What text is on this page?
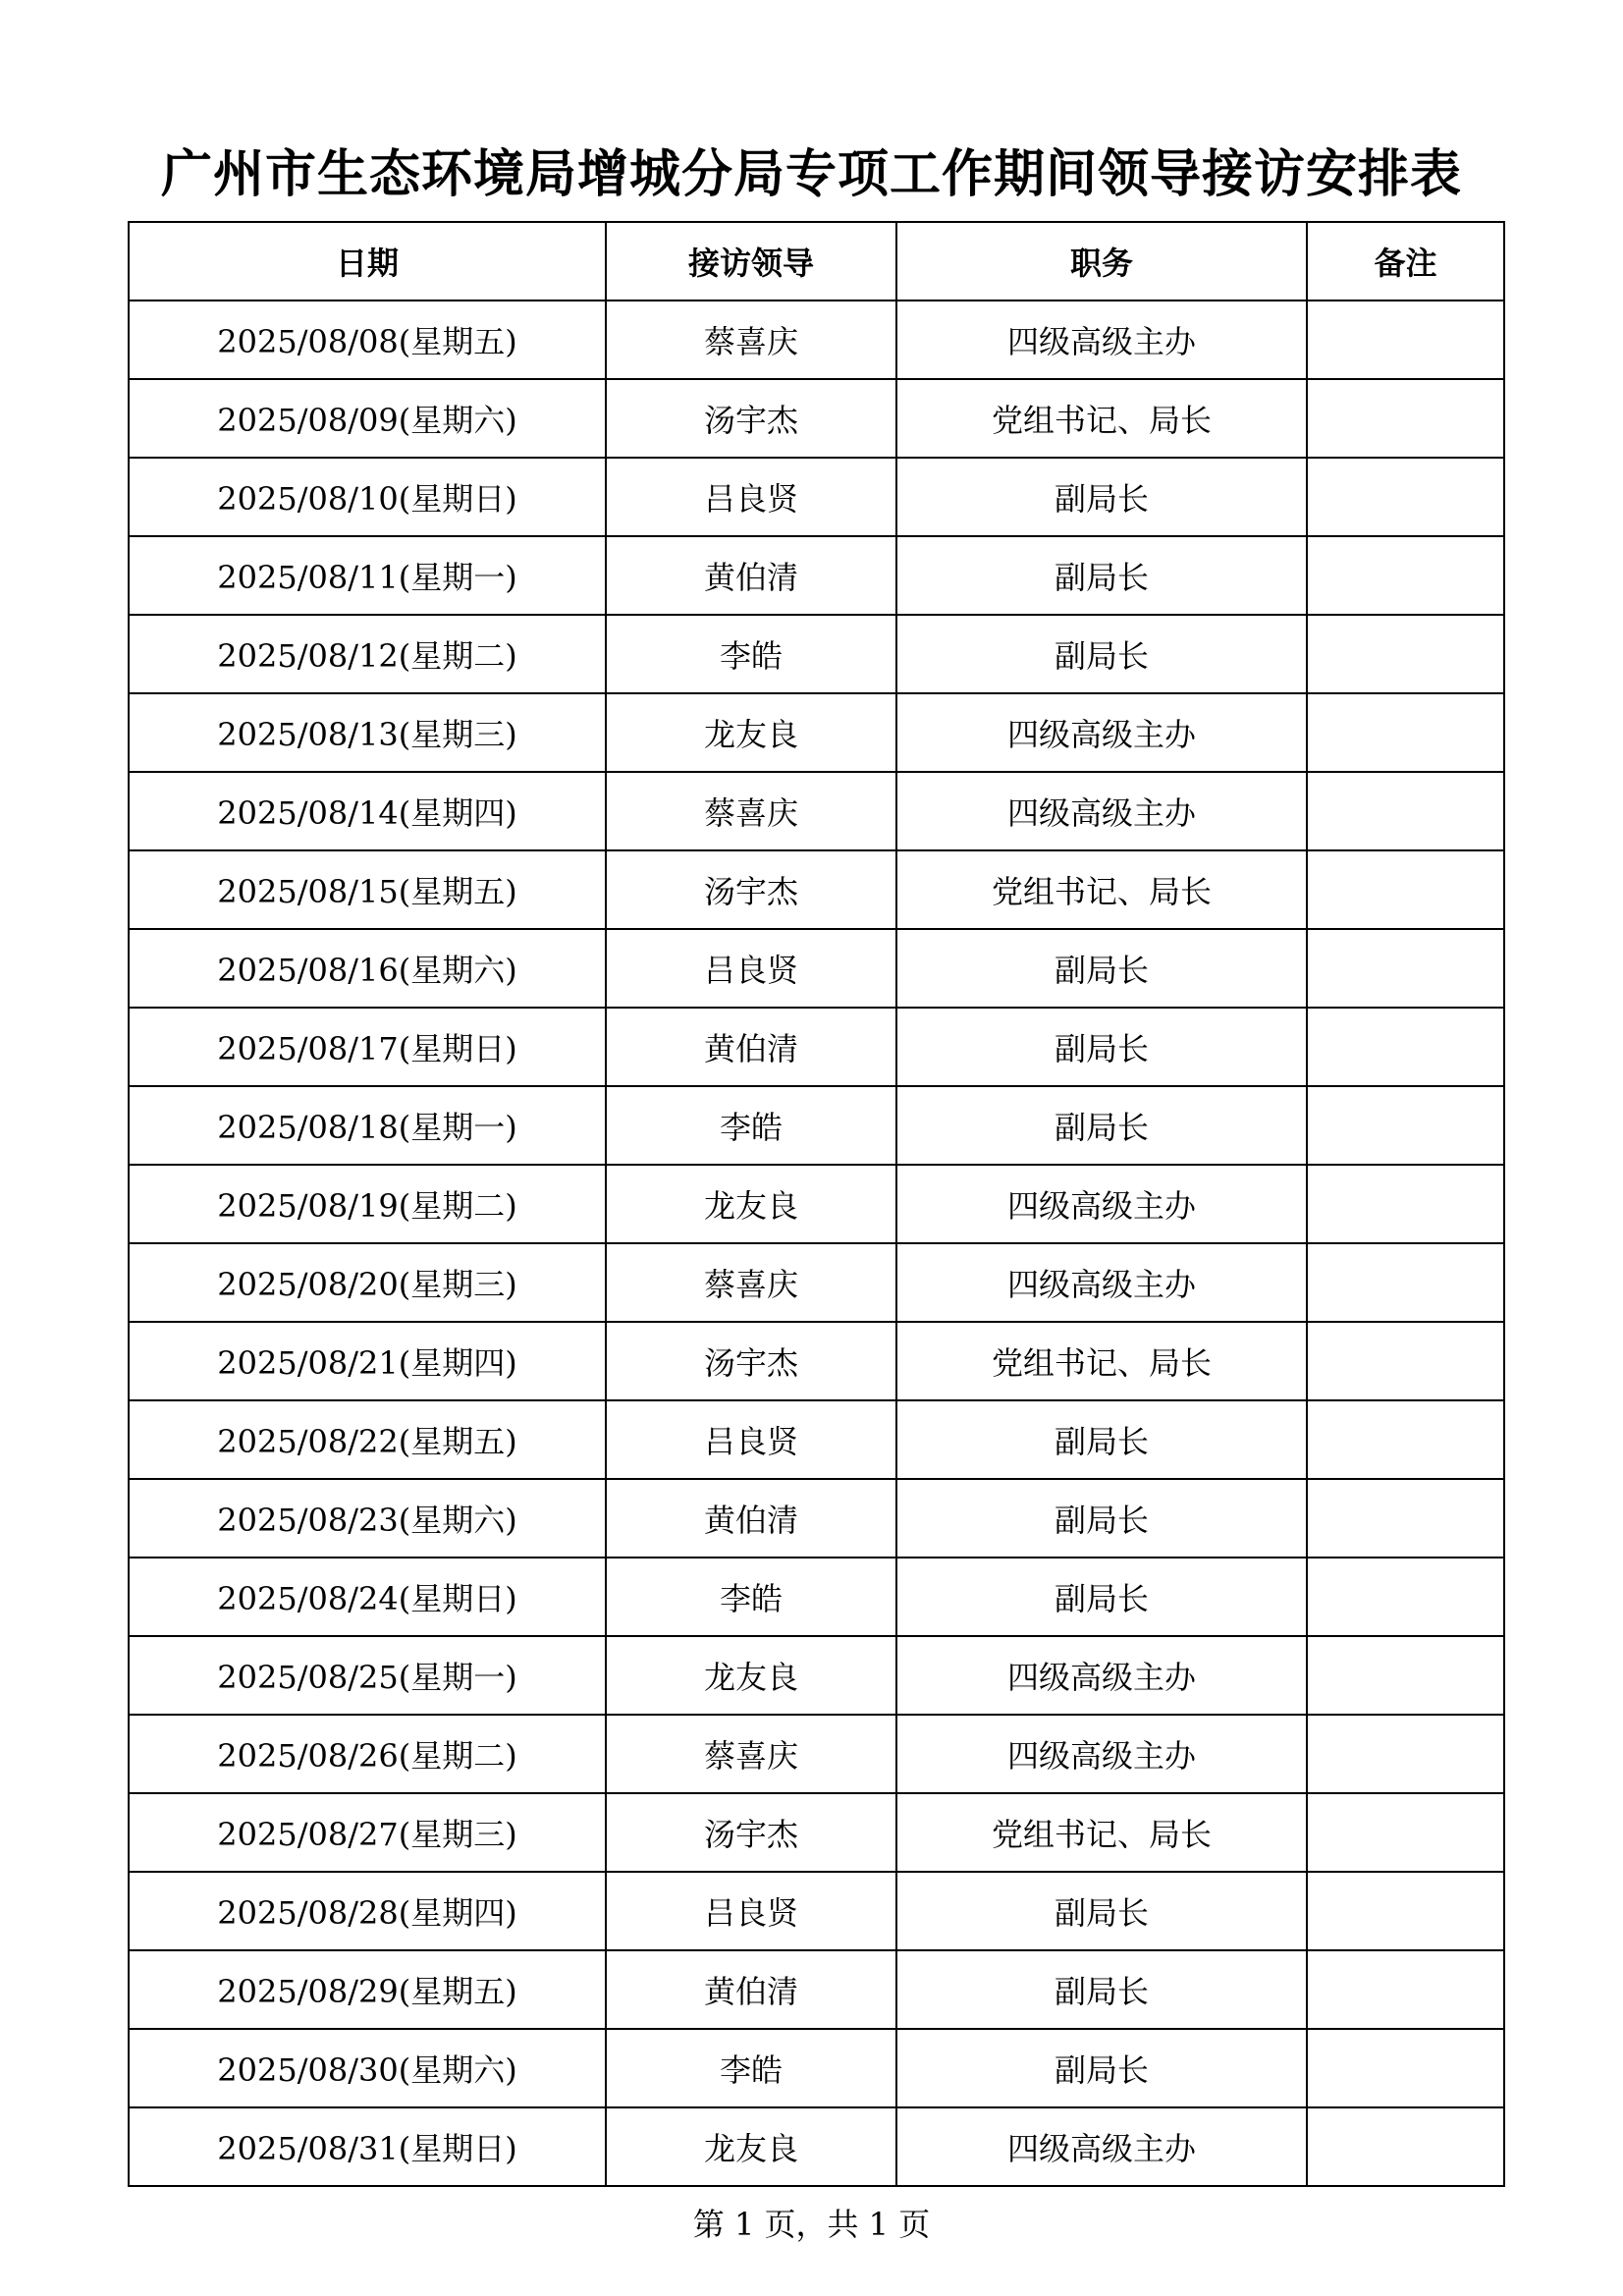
广州市生态环境局增城分局专项工作期间领导接访安排表
日期	接访领导	职务	备注
2025/08/08(星期五)	蔡喜庆	四级高级主办	
2025/08/09(星期六)	汤宇杰	党组书记、局长	
2025/08/10(星期日)	吕良贤	副局长	
2025/08/11(星期一)	黄伯清	副局长	
2025/08/12(星期二)	李皓	副局长	
2025/08/13(星期三)	龙友良	四级高级主办	
2025/08/14(星期四)	蔡喜庆	四级高级主办	
2025/08/15(星期五)	汤宇杰	党组书记、局长	
2025/08/16(星期六)	吕良贤	副局长	
2025/08/17(星期日)	黄伯清	副局长	
2025/08/18(星期一)	李皓	副局长	
2025/08/19(星期二)	龙友良	四级高级主办	
2025/08/20(星期三)	蔡喜庆	四级高级主办	
2025/08/21(星期四)	汤宇杰	党组书记、局长	
2025/08/22(星期五)	吕良贤	副局长	
2025/08/23(星期六)	黄伯清	副局长	
2025/08/24(星期日)	李皓	副局长	
2025/08/25(星期一)	龙友良	四级高级主办	
2025/08/26(星期二)	蔡喜庆	四级高级主办	
2025/08/27(星期三)	汤宇杰	党组书记、局长	
2025/08/28(星期四)	吕良贤	副局长	
2025/08/29(星期五)	黄伯清	副局长	
2025/08/30(星期六)	李皓	副局长	
2025/08/31(星期日)	龙友良	四级高级主办	
第 1 页，共 1 页
